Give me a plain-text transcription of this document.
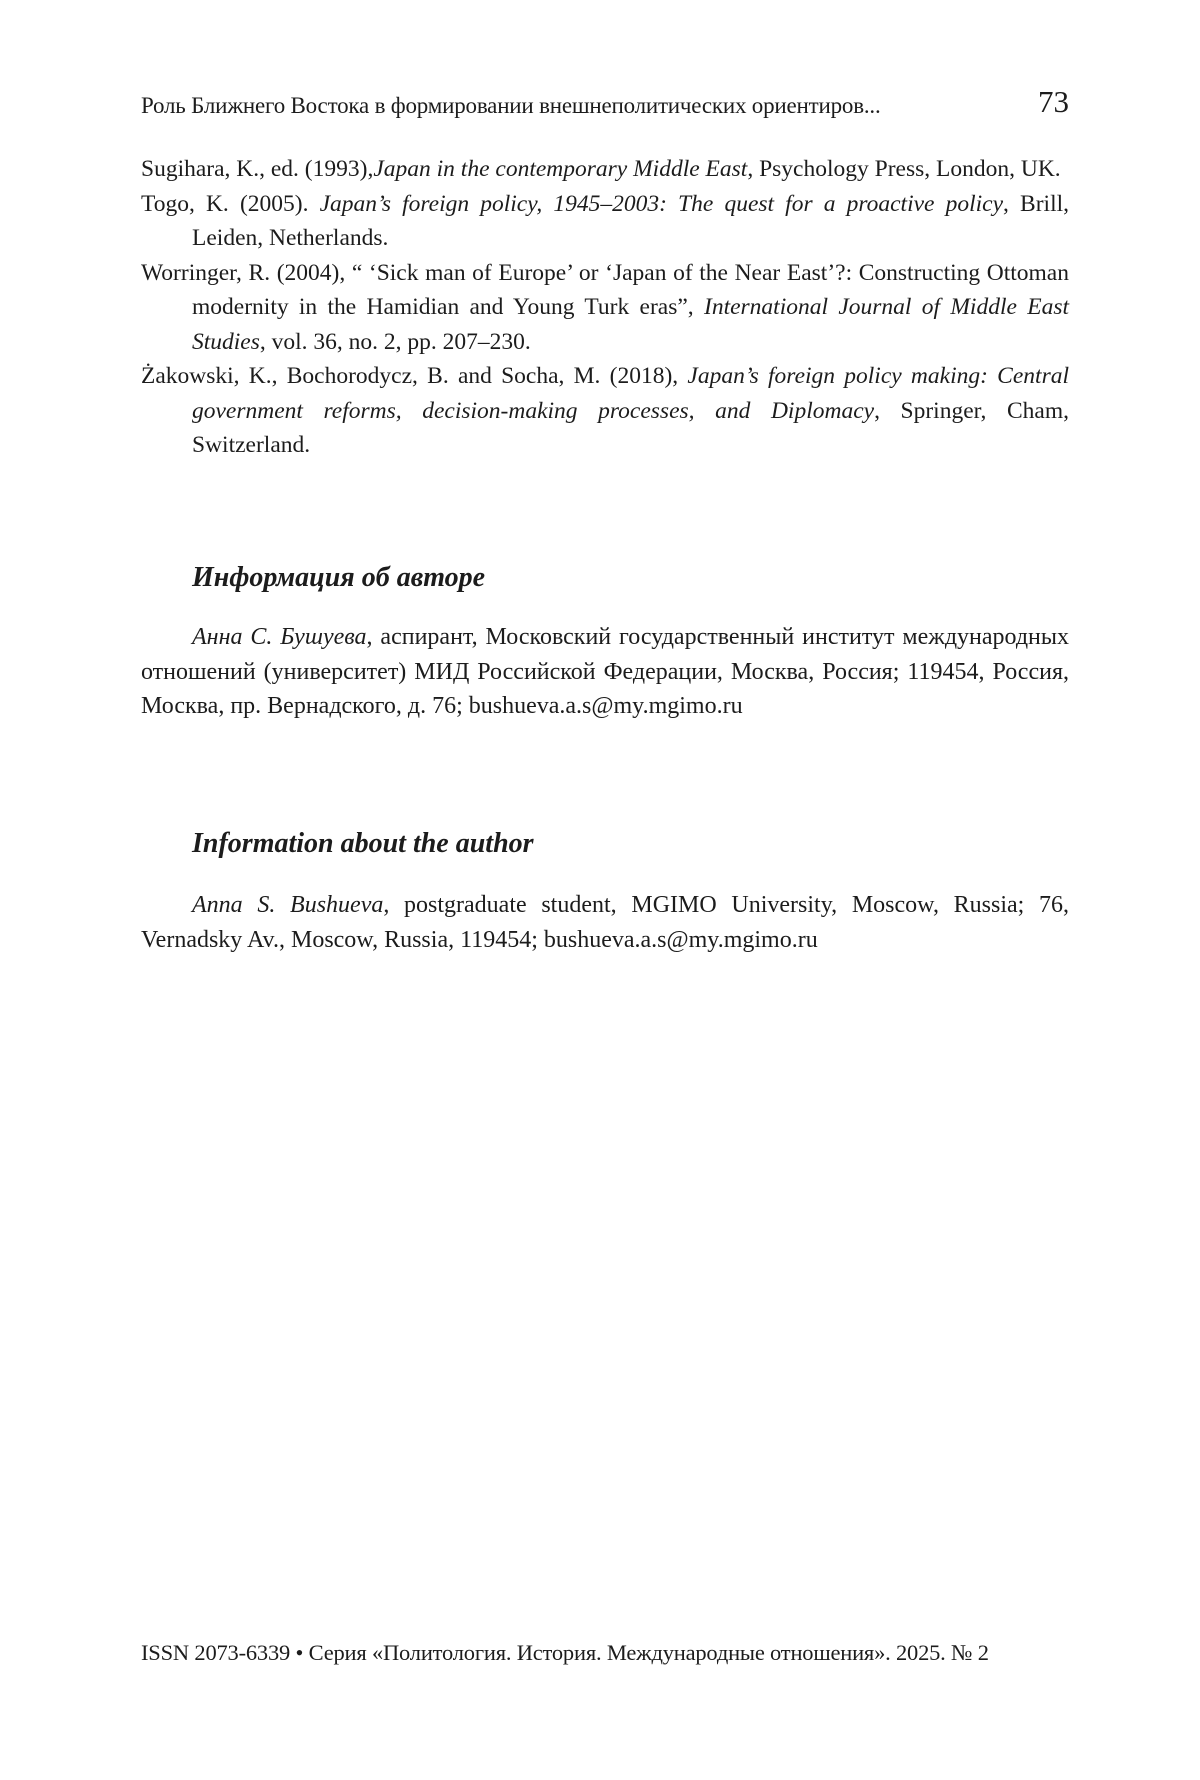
Роль Ближнего Востока в формировании внешнеполитических ориентиров...	73

Sugihara, K., ed. (1993),Japan in the contemporary Middle East, Psychology Press, London, UK.

Togo, K. (2005). Japan’s foreign policy, 1945–2003: The quest for a proactive policy, Brill, Leiden, Netherlands.

Worringer, R. (2004), “ ‘Sick man of Europe’ or ‘Japan of the Near East’?: Constructing Ottoman modernity in the Hamidian and Young Turk eras”, International Journal of Middle East Studies, vol. 36, no. 2, pp. 207–230.

Żakowski, K., Bochorodycz, B. and Socha, M. (2018), Japan’s foreign policy making: Central government reforms, decision-making processes, and Diplomacy, Springer, Cham, Switzerland.

Информация об авторе

Анна С. Бушуева, аспирант, Московский государственный институт международных отношений (университет) МИД Российской Федерации, Москва, Россия; 119454, Россия, Москва, пр. Вернадского, д. 76; bushueva.a.s@my.mgimo.ru

Information about the author

Anna S. Bushueva, postgraduate student, MGIMO University, Moscow, Russia; 76, Vernadsky Av., Moscow, Russia, 119454; bushueva.a.s@my.mgimo.ru

ISSN 2073-6339 • Серия «Политология. История. Международные отношения». 2025. № 2
